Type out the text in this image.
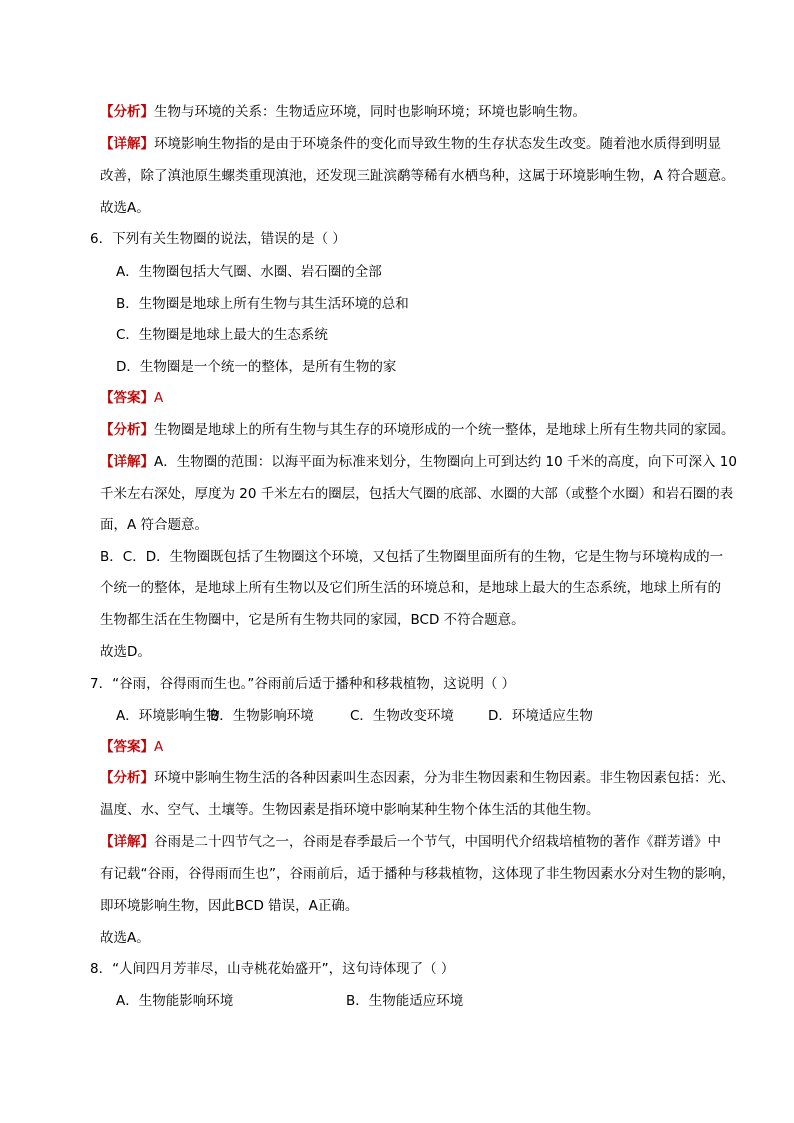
【分析】生物与环境的关系：生物适应环境，同时也影响环境；环境也影响生物。
【详解】环境影响生物指的是由于环境条件的变化而导致生物的生存状态发生改变。随着池水质得到明显
改善，除了滇池原生螺类重现滇池，还发现三趾滨鹬等稀有水栖鸟种，这属于环境影响生物，A 符合题意。
故选A。
6．下列有关生物圈的说法，错误的是（ ）
A．生物圈包括大气圈、水圈、岩石圈的全部
B．生物圈是地球上所有生物与其生活环境的总和
C．生物圈是地球上最大的生态系统
D．生物圈是一个统一的整体，是所有生物的家
【答案】A
【分析】生物圈是地球上的所有生物与其生存的环境形成的一个统一整体，是地球上所有生物共同的家园。
【详解】A．生物圈的范围：以海平面为标准来划分，生物圈向上可到达约 10 千米的高度，向下可深入 10
千米左右深处，厚度为 20 千米左右的圈层，包括大气圈的底部、水圈的大部（或整个水圈）和岩石圈的表
面，A 符合题意。
B．C．D．生物圈既包括了生物圈这个环境，又包括了生物圈里面所有的生物，它是生物与环境构成的一
个统一的整体，是地球上所有生物以及它们所生活的环境总和，是地球上最大的生态系统，地球上所有的
生物都生活在生物圈中，它是所有生物共同的家园，BCD 不符合题意。
故选D。
7．“谷雨，谷得雨而生也。”谷雨前后适于播种和移栽植物，这说明（ ）
A．环境影响生物
B．生物影响环境	C．生物改变环境	D．环境适应生物
【答案】A
【分析】环境中影响生物生活的各种因素叫生态因素，分为非生物因素和生物因素。非生物因素包括：光、
温度、水、空气、土壤等。生物因素是指环境中影响某种生物个体生活的其他生物。
【详解】谷雨是二十四节气之一，谷雨是春季最后一个节气，中国明代介绍栽培植物的著作《群芳谱》中
有记载“谷雨，谷得雨而生也”，谷雨前后，适于播种与移栽植物，这体现了非生物因素水分对生物的影响，
即环境影响生物，因此BCD 错误，A正确。
故选A。
8．“人间四月芳菲尽，山寺桃花始盛开”，这句诗体现了（ ）
A．生物能影响环境	B．生物能适应环境
